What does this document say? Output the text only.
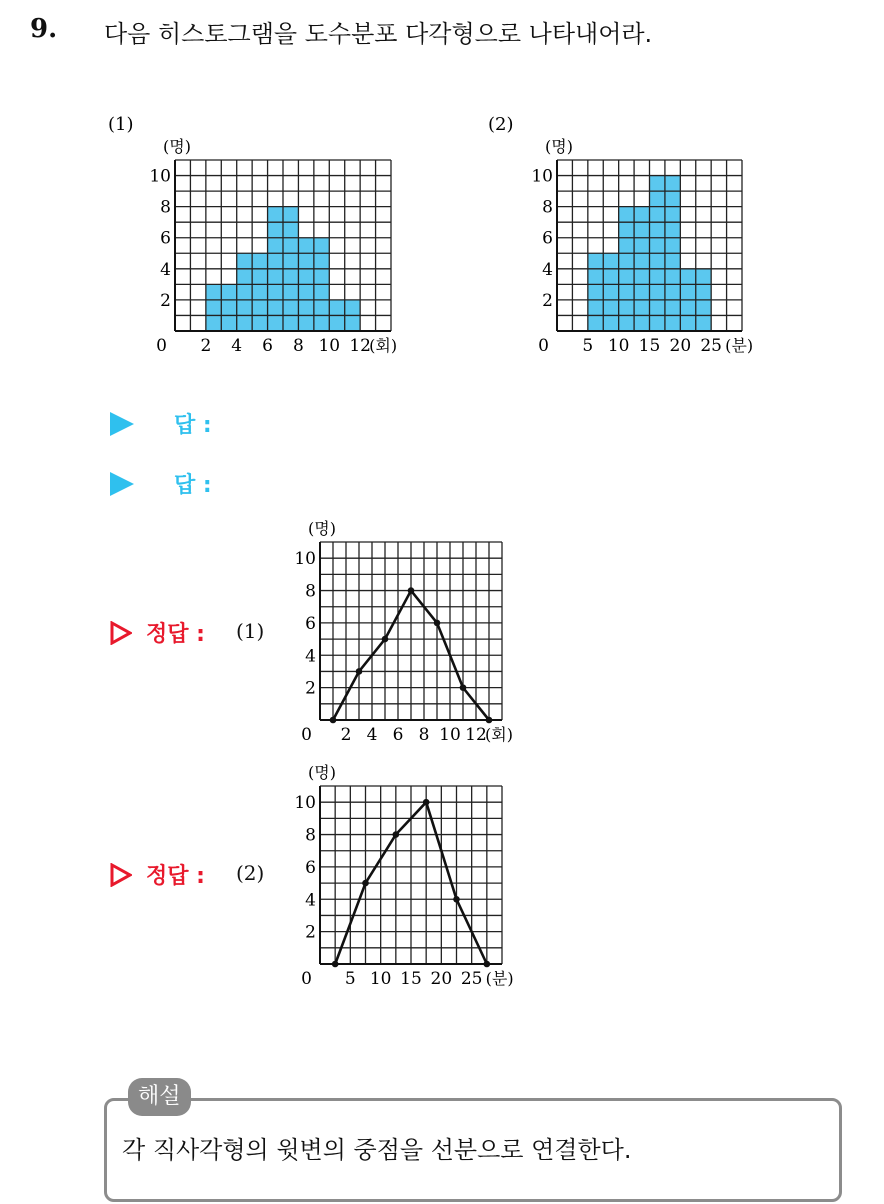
9. 다음 히스토그램을 도수분포 다각형으로 나타내어라.
(1)
2
4
6
8
10
0 2 4 6 8 10 12
(회)
(명)
(2)
2
4
6
8
10
0 5 10 15 20 25 (분)
(명)
답 :
답 :
정답 : (1)
정답 : (2)
2
4
6
8
10
0 2 4 6 8 10 12
(회)
(명)
2
4
6
8
10
0 5 10 15 20 25 (분)
(명)
해설
각 직사각형의 윗변의 중점을 선분으로 연결한다.
